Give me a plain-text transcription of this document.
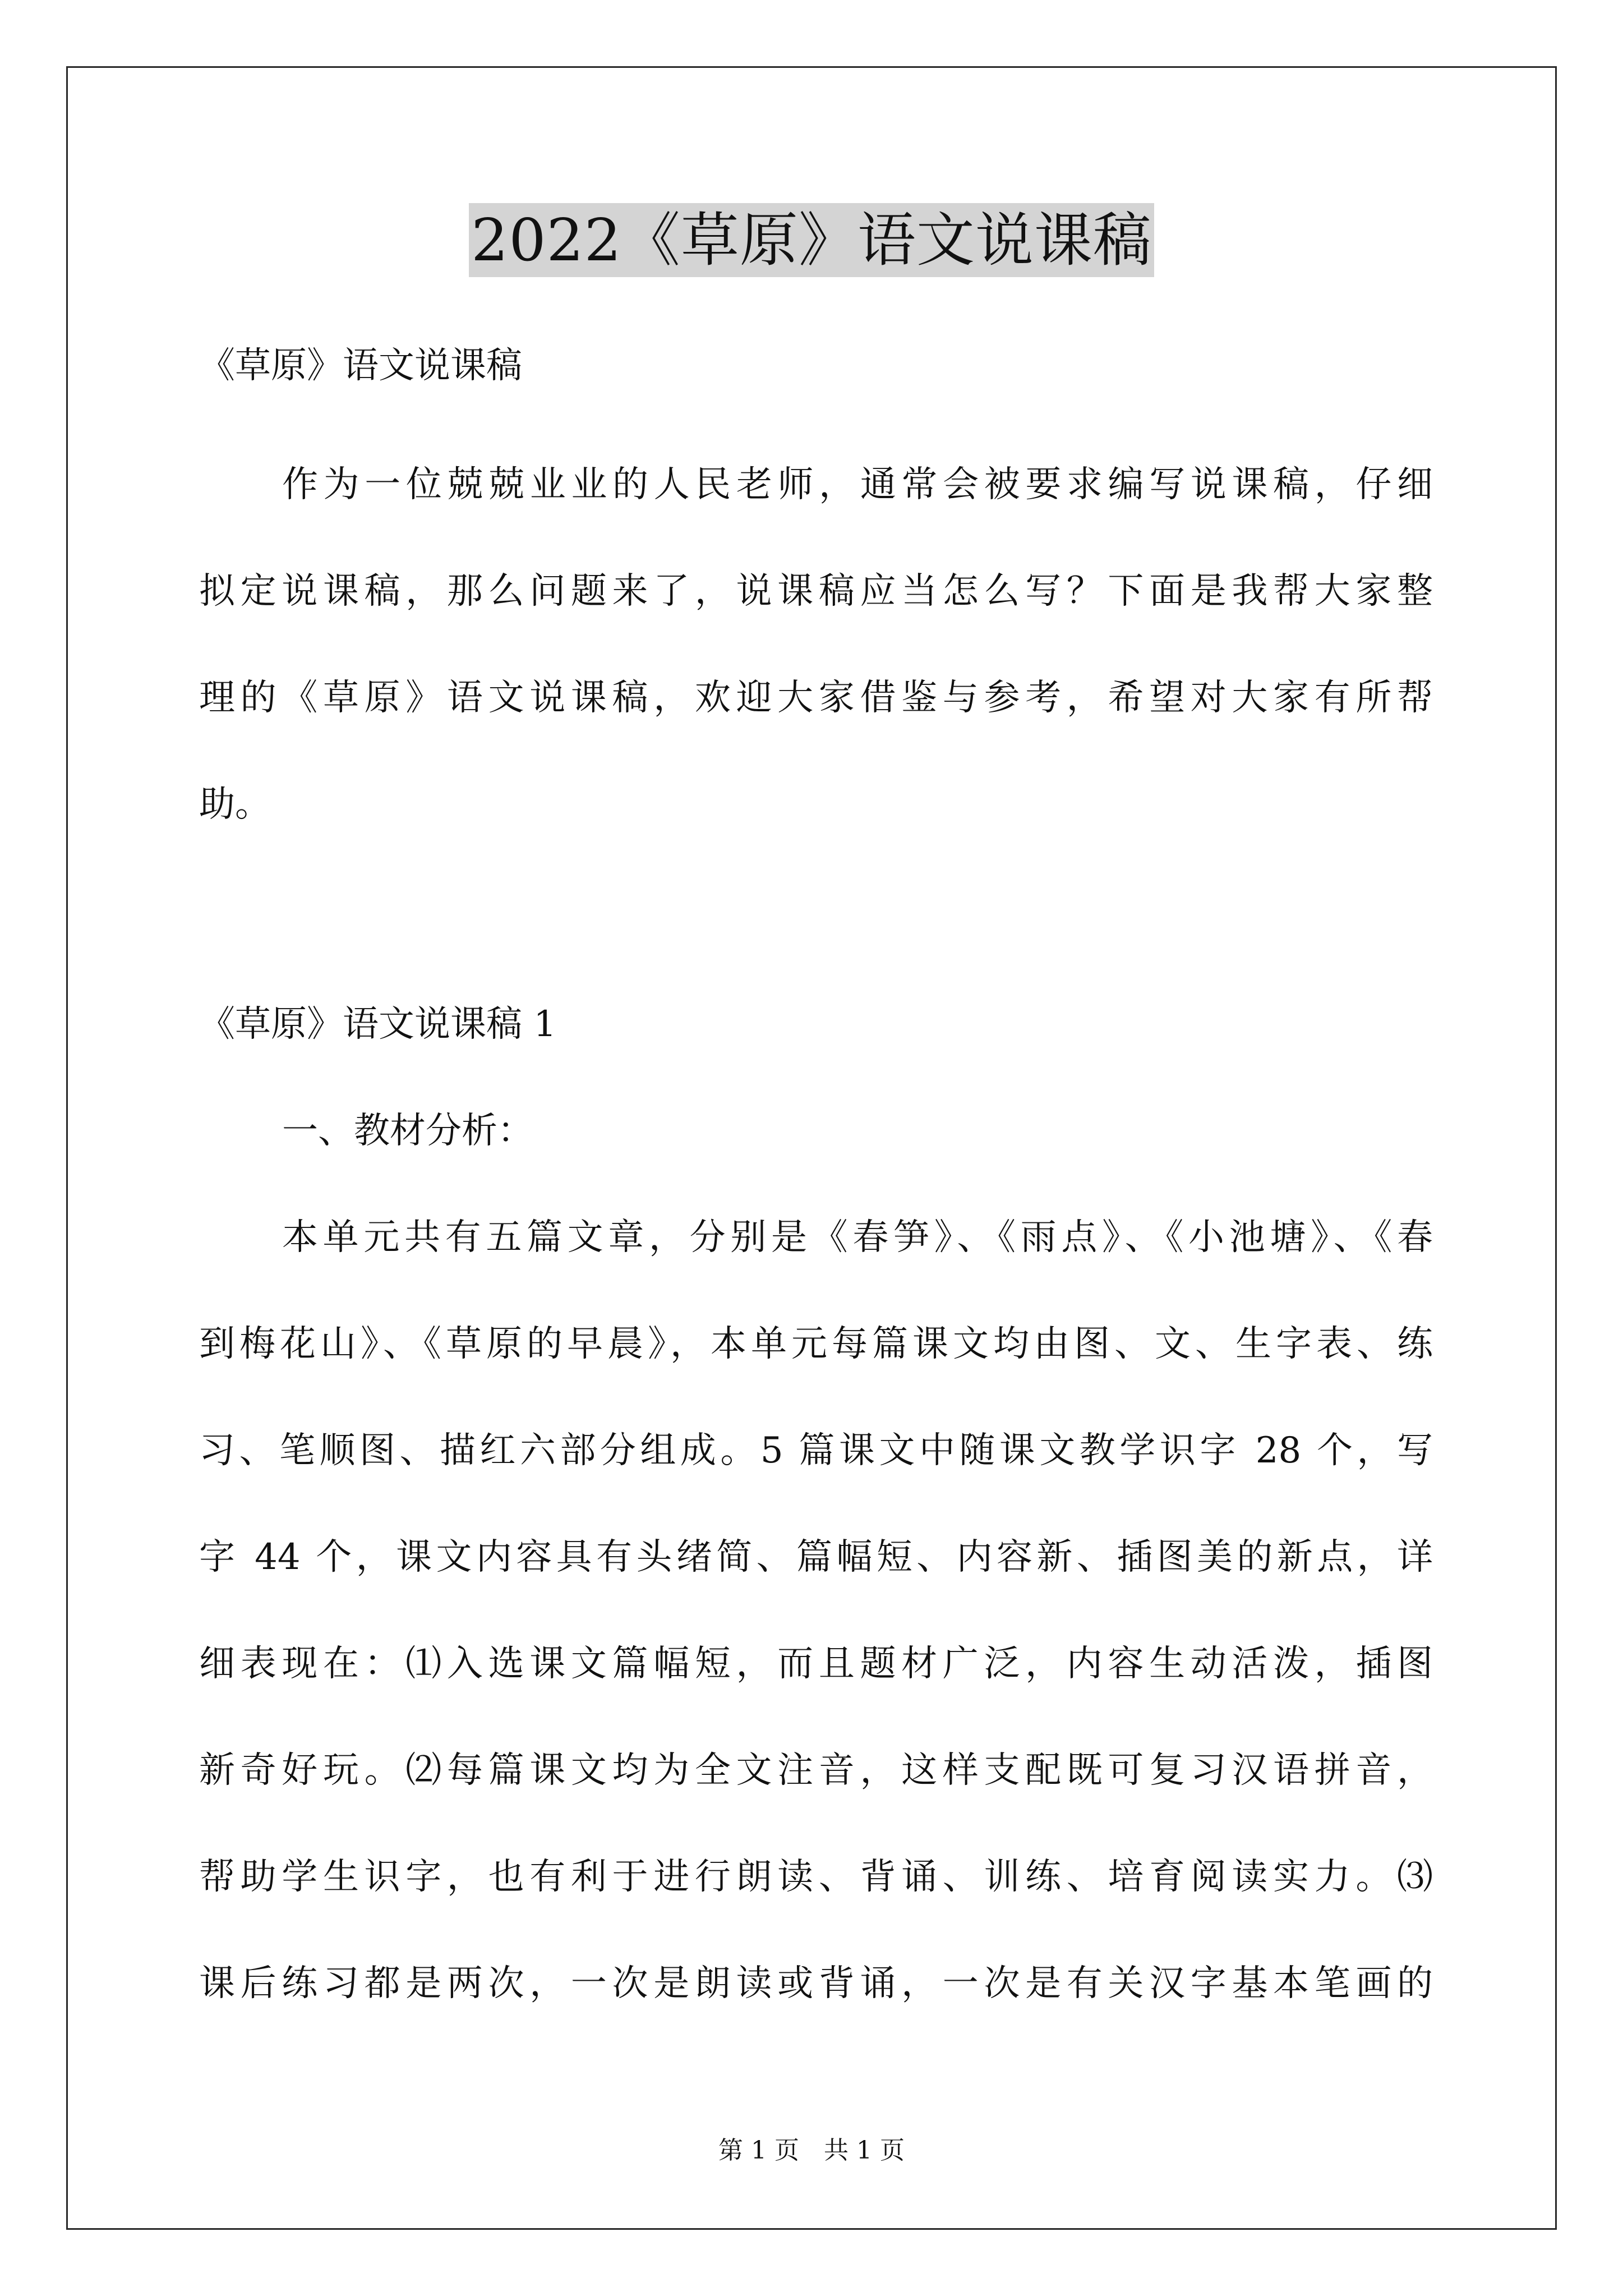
2022《草原》语文说课稿
《草原》语文说课稿
作为一位兢兢业业的人民老师，通常会被要求编写说课稿，仔细
拟定说课稿，那么问题来了，说课稿应当怎么写？下面是我帮大家整
理的《草原》语文说课稿，欢迎大家借鉴与参考，希望对大家有所帮
助。
《草原》语文说课稿 1
一、教材分析：
本单元共有五篇文章，分别是《春笋》、《雨点》、《小池塘》、《春
到梅花山》、《草原的早晨》，本单元每篇课文均由图、文、生字表、练
习、笔顺图、描红六部分组成。5 篇课文中随课文教学识字 28 个，写
字 44 个，课文内容具有头绪简、篇幅短、内容新、插图美的新点，详
细表现在：⑴入选课文篇幅短，而且题材广泛，内容生动活泼，插图
新奇好玩。⑵每篇课文均为全文注音，这样支配既可复习汉语拼音，
帮助学生识字，也有利于进行朗读、背诵、训练、培育阅读实力。⑶
课后练习都是两次，一次是朗读或背诵，一次是有关汉字基本笔画的
第 1 页　共 1 页
